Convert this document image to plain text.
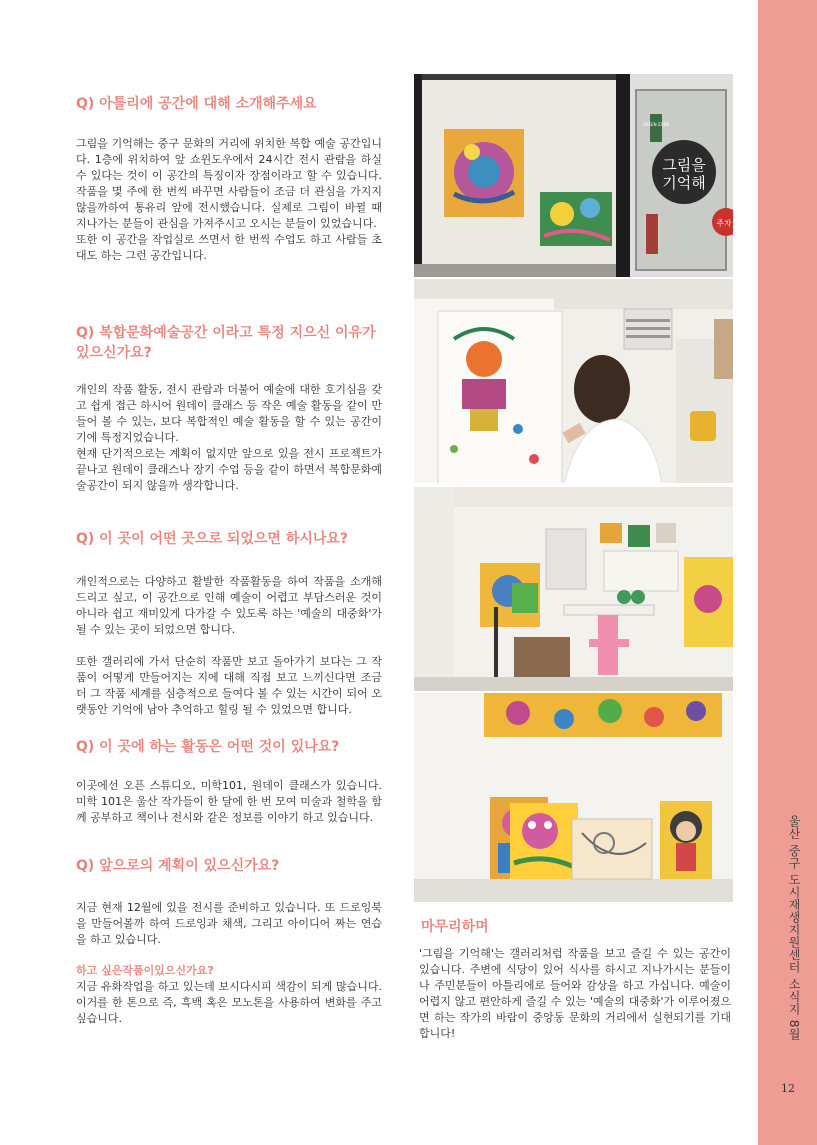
울산 중구 도시재생지원센터 소식지 8월
12
Q) 아틀리에 공간에 대해 소개해주세요
그림을 기억해는 중구 문화의 거리에 위치한 복합 예술 공간입니다. 1층에 위치하여 앞 쇼윈도우에서 24시간 전시 관람을 하실 수 있다는 것이 이 공간의 특징이자 장점이라고 할 수 있습니다. 작품을 몇 주에 한 번씩 바꾸면 사람들이 조금 더 관심을 가지지 않을까하여 통유리 앞에 전시했습니다. 실제로 그림이 바뀔 때 지나가는 분들이 관심을 가져주시고 오시는 분들이 있었습니다.
또한 이 공간을 작업실로 쓰면서 한 번씩 수업도 하고 사람들 초대도 하는 그런 공간입니다.
Q) 복합문화예술공간 이라고 특정 지으신 이유가 있으신가요?
개인의 작품 활동, 전시 관람과 더불어 예술에 대한 호기심을 갖고 쉽게 접근 하시어 원데이 클래스 등 작은 예술 활동을 같이 만들어 볼 수 있는, 보다 복합적인 예술 활동을 할 수 있는 공간이기에 특정지었습니다.
현재 단기적으로는 계획이 없지만 앞으로 있을 전시 프로젝트가 끝나고 원데이 클래스나 장기 수업 등을 같이 하면서 복합문화예술공간이 되지 않을까 생각합니다.
Q) 이 곳이 어떤 곳으로 되었으면 하시나요?
개인적으로는 다양하고 활발한 작품활동을 하여 작품을 소개해 드리고 싶고, 이 공간으로 인해 예술이 어렵고 부담스러운 것이 아니라 쉽고 재미있게 다가갈 수 있도록 하는 '예술의 대중화'가 될 수 있는 곳이 되었으면 합니다.

또한 갤러리에 가서 단순히 작품만 보고 돌아가기 보다는 그 작품이 어떻게 만들어지는 지에 대해 직접 보고 느끼신다면 조금 더 그 작품 세계를 심층적으로 들여다 볼 수 있는 시간이 되어 오랫동안 기억에 남아 추억하고 힐링 될 수 있었으면 합니다.
Q) 이 곳에 하는 활동은 어떤 것이 있나요?
이곳에선 오픈 스튜디오, 미학101, 원데이 클래스가 있습니다. 미학 101은 울산 작가들이 한 달에 한 번 모여 미술과 철학을 함께 공부하고 책이나 전시와 같은 정보를 이야기 하고 있습니다.
Q) 앞으로의 계획이 있으신가요?
지금 현재 12월에 있을 전시를 준비하고 있습니다. 또 드로잉북을 만들어볼까 하여 드로잉과 채색, 그리고 아이디어 짜는 연습을 하고 있습니다.
하고 싶은작품이있으신가요?
지금 유화작업을 하고 있는데 보시다시피 색감이 되게 많습니다. 이거를 한 톤으로 즉, 흑백 혹은 모노톤을 사용하여 변화를 주고 싶습니다.
GREEN ZONE
그림을
기억해
주차
마무리하며
'그림을 기억해'는 갤러리처럼 작품을 보고 즐길 수 있는 공간이 있습니다. 주변에 식당이 있어 식사를 하시고 지나가시는 분들이나 주민분들이 아틀리에로 들어와 감상을 하고 가십니다. 예술이 어렵지 않고 편안하게 즐길 수 있는 '예술의 대중화'가 이루어졌으면 하는 작가의 바람이 중앙동 문화의 거리에서 실현되기를 기대합니다!
